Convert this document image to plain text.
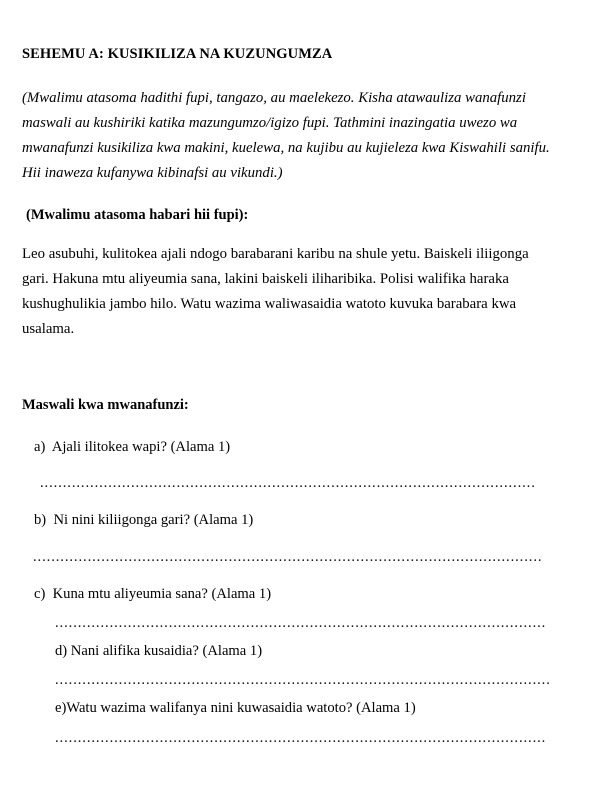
SEHEMU A: KUSIKILIZA NA KUZUNGUMZA

(Mwalimu atasoma hadithi fupi, tangazo, au maelekezo. Kisha atawauliza wanafunzi maswali au kushiriki katika mazungumzo/igizo fupi. Tathmini inazingatia uwezo wa mwanafunzi kusikiliza kwa makini, kuelewa, na kujibu au kujieleza kwa Kiswahili sanifu. Hii inaweza kufanywa kibinafsi au vikundi.)

(Mwalimu atasoma habari hii fupi):

Leo asubuhi, kulitokea ajali ndogo barabarani karibu na shule yetu. Baiskeli iliigonga gari. Hakuna mtu aliyeumia sana, lakini baiskeli iliharibika. Polisi walifika haraka kushughulikia jambo hilo. Watu wazima waliwasaidia watoto kuvuka barabara kwa usalama.

Maswali kwa mwanafunzi:

a)  Ajali ilitokea wapi? (Alama 1)

.............................................................................................................

b)  Ni nini kiliigonga gari? (Alama 1)

................................................................................................................

c)  Kuna mtu aliyeumia sana? (Alama 1)

............................................................................................................

d) Nani alifika kusaidia? (Alama 1)

.............................................................................................................

e)Watu wazima walifanya nini kuwasaidia watoto? (Alama 1)

............................................................................................................
